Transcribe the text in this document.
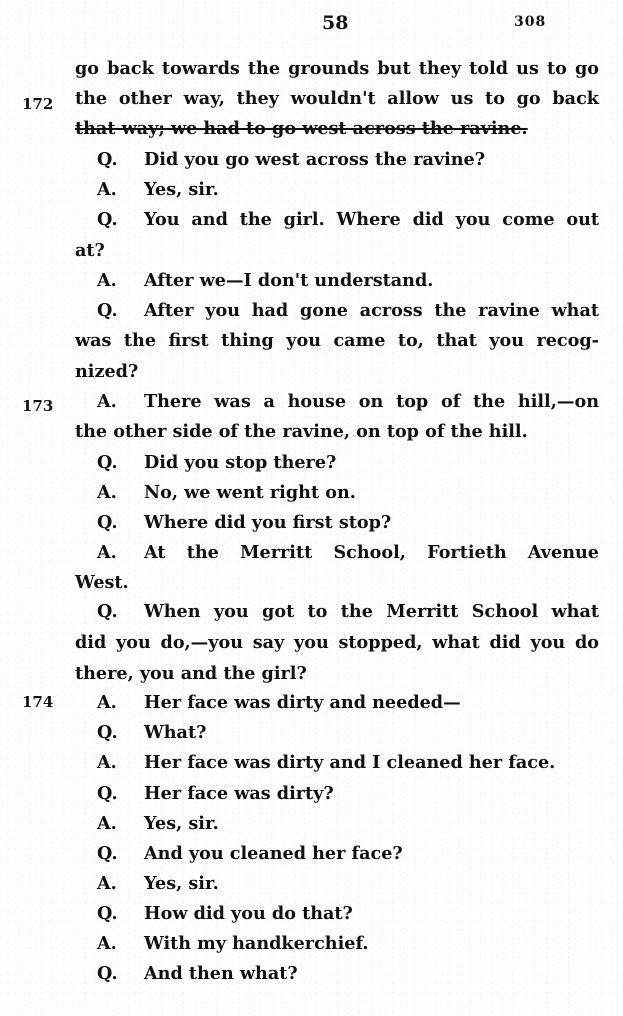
58	308
172
173
174
go back towards the grounds but they told us to go
the other way, they wouldn't allow us to go back
that way; we had to go west across the ravine.
Q. Did you go west across the ravine?
A. Yes, sir.
Q. You and the girl. Where did you come out
at?
A. After we—I don't understand.
Q. After you had gone across the ravine what
was the first thing you came to, that you recog-
nized?
A. There was a house on top of the hill,—on
the other side of the ravine, on top of the hill.
Q. Did you stop there?
A. No, we went right on.
Q. Where did you first stop?
A. At the Merritt School, Fortieth Avenue
West.
Q. When you got to the Merritt School what
did you do,—you say you stopped, what did you do
there, you and the girl?
A. Her face was dirty and needed—
Q. What?
A. Her face was dirty and I cleaned her face.
Q. Her face was dirty?
A. Yes, sir.
Q. And you cleaned her face?
A. Yes, sir.
Q. How did you do that?
A. With my handkerchief.
Q. And then what?
